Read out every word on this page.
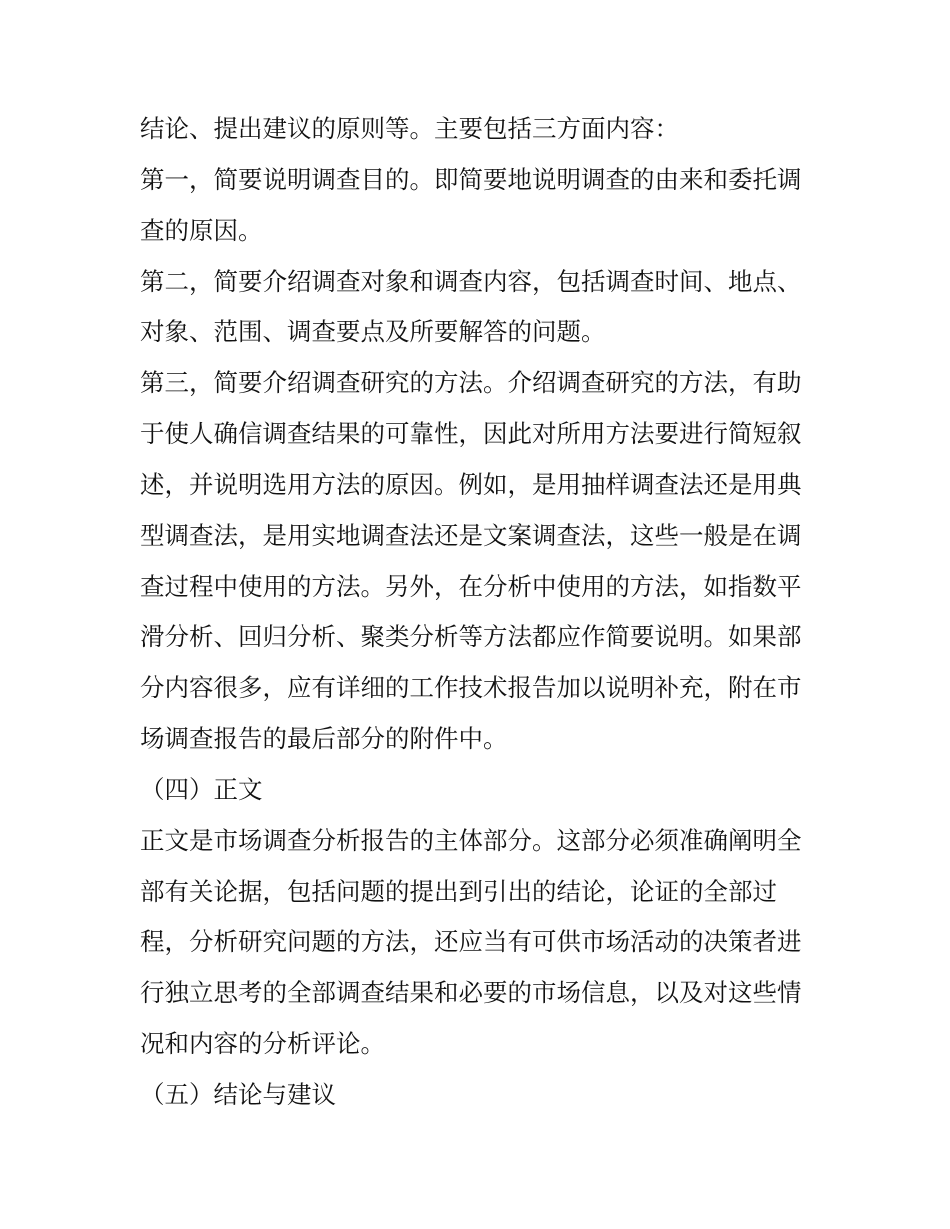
结论、提出建议的原则等。主要包括三方面内容：
第一，简要说明调查目的。即简要地说明调查的由来和委托调
查的原因。
第二，简要介绍调查对象和调查内容，包括调查时间、地点、
对象、范围、调查要点及所要解答的问题。
第三，简要介绍调查研究的方法。介绍调查研究的方法，有助
于使人确信调查结果的可靠性，因此对所用方法要进行简短叙
述，并说明选用方法的原因。例如，是用抽样调查法还是用典
型调查法，是用实地调查法还是文案调查法，这些一般是在调
查过程中使用的方法。另外，在分析中使用的方法，如指数平
滑分析、回归分析、聚类分析等方法都应作简要说明。如果部
分内容很多，应有详细的工作技术报告加以说明补充，附在市
场调查报告的最后部分的附件中。
（四）正文
正文是市场调查分析报告的主体部分。这部分必须准确阐明全
部有关论据，包括问题的提出到引出的结论，论证的全部过
程，分析研究问题的方法，还应当有可供市场活动的决策者进
行独立思考的全部调查结果和必要的市场信息，以及对这些情
况和内容的分析评论。
（五）结论与建议
